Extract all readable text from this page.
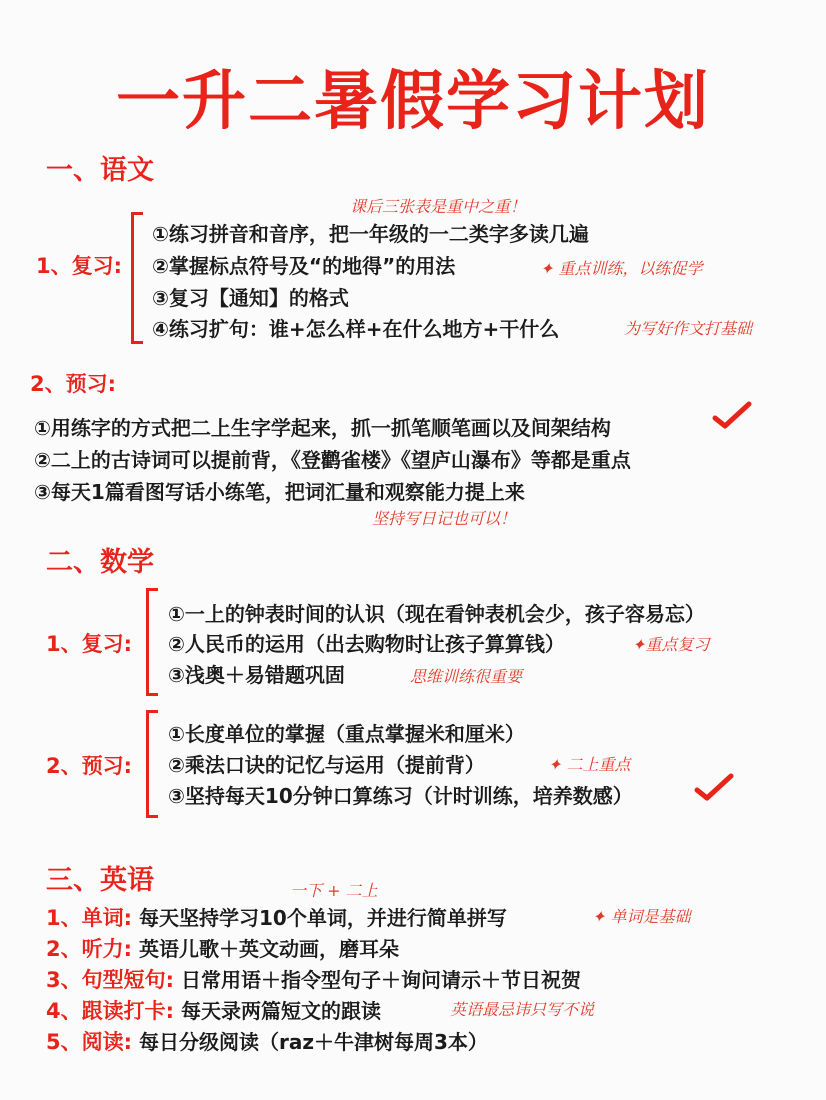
一升二暑假学习计划
一、语文
课后三张表是重中之重！
1、复习:
①练习拼音和音序，把一年级的一二类字多读几遍
②掌握标点符号及“的地得”的用法	✦ 重点训练，以练促学
③复习【通知】的格式
④练习扩句：谁+怎么样+在什么地方+干什么	为写好作文打基础
2、预习:
①用练字的方式把二上生字学起来，抓一抓笔顺笔画以及间架结构
②二上的古诗词可以提前背，《登鹳雀楼》《望庐山瀑布》等都是重点
③每天1篇看图写话小练笔，把词汇量和观察能力提上来
坚持写日记也可以！
二、数学
1、复习:
①一上的钟表时间的认识（现在看钟表机会少，孩子容易忘）
②人民币的运用（出去购物时让孩子算算钱）	✦重点复习
③浅奥＋易错题巩固	思维训练很重要
2、预习:
①长度单位的掌握（重点掌握米和厘米）
②乘法口诀的记忆与运用（提前背）	✦ 二上重点
③坚持每天10分钟口算练习（计时训练，培养数感）
三、英语	一下 + 二上
1、单词: 每天坚持学习10个单词，并进行简单拼写	✦ 单词是基础
2、听力: 英语儿歌＋英文动画，磨耳朵
3、句型短句: 日常用语＋指令型句子＋询问请示＋节日祝贺
4、跟读打卡: 每天录两篇短文的跟读	英语最忌讳只写不说
5、阅读: 每日分级阅读（raz＋牛津树每周3本）
